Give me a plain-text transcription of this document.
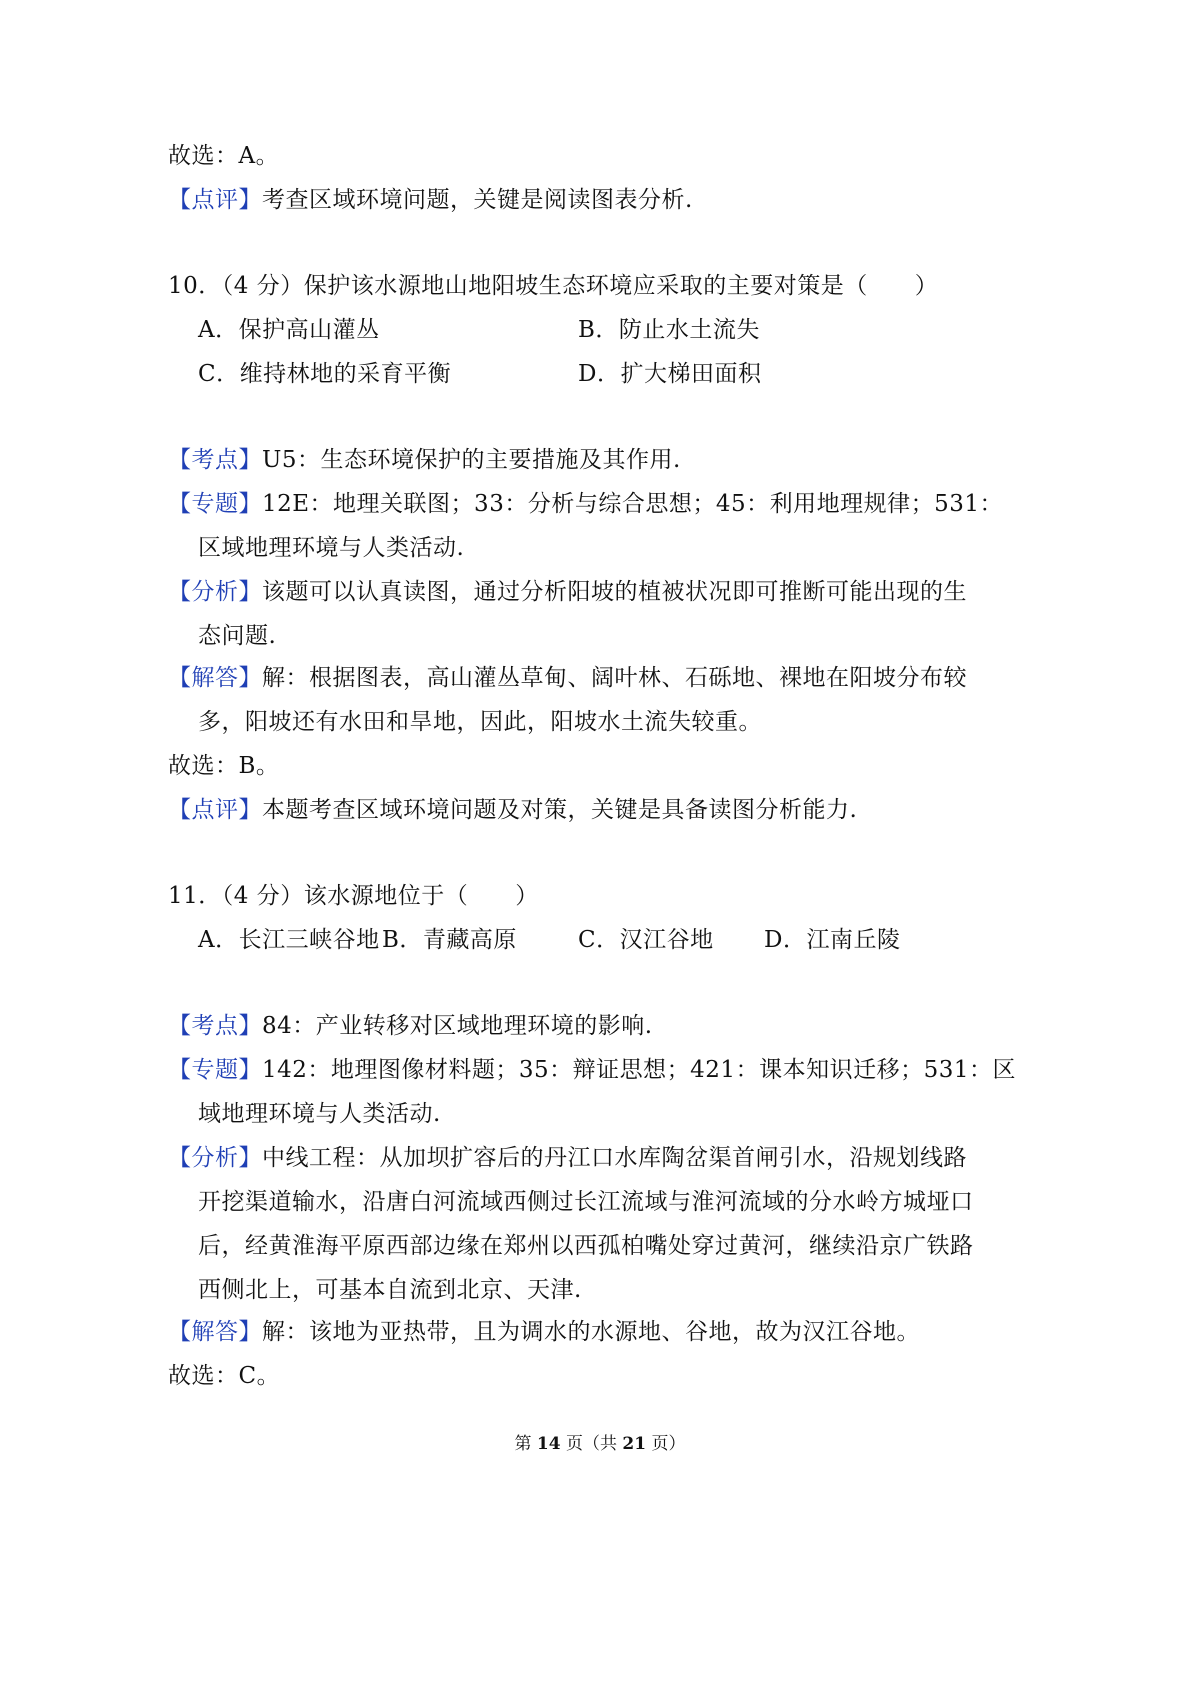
故选：A。
【点评】考查区域环境问题，关键是阅读图表分析.
10．（4 分）保护该水源地山地阳坡生态环境应采取的主要对策是（　　）
A．保护高山灌丛	B．防止水土流失
C．维持林地的采育平衡	D．扩大梯田面积
【考点】U5：生态环境保护的主要措施及其作用.
【专题】12E：地理关联图；33：分析与综合思想；45：利用地理规律；531：
区域地理环境与人类活动.
【分析】该题可以认真读图，通过分析阳坡的植被状况即可推断可能出现的生
态问题.
【解答】解：根据图表，高山灌丛草甸、阔叶林、石砾地、裸地在阳坡分布较
多，阳坡还有水田和旱地，因此，阳坡水土流失较重。
故选：B。
【点评】本题考查区域环境问题及对策，关键是具备读图分析能力.
11．（4 分）该水源地位于（　　）
A．长江三峡谷地 B．青藏高原	C．汉江谷地 D．江南丘陵
【考点】84：产业转移对区域地理环境的影响.
【专题】142：地理图像材料题；35：辩证思想；421：课本知识迁移；531：区
域地理环境与人类活动.
【分析】中线工程：从加坝扩容后的丹江口水库陶岔渠首闸引水，沿规划线路
开挖渠道输水，沿唐白河流域西侧过长江流域与淮河流域的分水岭方城垭口
后，经黄淮海平原西部边缘在郑州以西孤柏嘴处穿过黄河，继续沿京广铁路
西侧北上，可基本自流到北京、天津.
【解答】解：该地为亚热带，且为调水的水源地、谷地，故为汉江谷地。
故选：C。
第 14 页（共 21 页）
